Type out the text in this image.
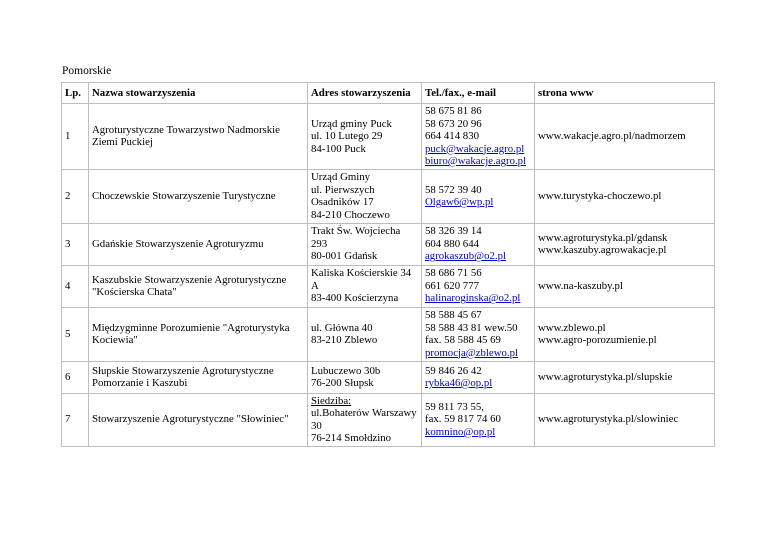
Pomorskie
Lp.	Nazwa stowarzyszenia	Adres stowarzyszenia	Tel./fax., e-mail	strona www
1	Agroturystyczne Towarzystwo Nadmorskie
Ziemi Puckiej	Urząd gminy Puck
ul. 10 Lutego 29
84-100 Puck	58 675 81 86
58 673 20 96
664 414 830
puck@wakacje.agro.pl
biuro@wakacje.agro.pl	www.wakacje.agro.pl/nadmorzem

2	Choczewskie Stowarzyszenie Turystyczne	Urząd Gminy
ul. Pierwszych
Osadników 17
84-210 Choczewo	58 572 39 40
Olgaw6@wp.pl	www.turystyka-choczewo.pl

3	Gdańskie Stowarzyszenie Agroturyzmu	Trakt Św. Wojciecha
293
80-001 Gdańsk	58 326 39 14
604 880 644
agrokaszub@o2.pl	www.agroturystyka.pl/gdansk
www.kaszuby.agrowakacje.pl

4	Kaszubskie Stowarzyszenie Agroturystyczne
"Kościerska Chata"	Kaliska Kościerskie 34
A
83-400 Kościerzyna	58 686 71 56
661 620 777
halinaroginska@o2.pl	www.na-kaszuby.pl

5	Międzygminne Porozumienie "Agroturystyka
Kociewia"	ul. Główna 40
83-210 Zblewo	58 588 45 67
58 588 43 81 wew.50
fax. 58 588 45 69
promocja@zblewo.pl	www.zblewo.pl
www.agro-porozumienie.pl

6	Słupskie Stowarzyszenie Agroturystyczne
Pomorzanie i Kaszubi	Lubuczewo 30b
76-200 Słupsk	59 846 26 42
rybka46@op.pl	www.agroturystyka.pl/slupskie

7	Stowarzyszenie Agroturystyczne "Słowiniec"	Siedziba:
ul.Bohaterów Warszawy
30
76-214 Smołdzino	59 811 73 55,
fax. 59 817 74 60
komnino@op.pl	www.agroturystyka.pl/slowiniec
